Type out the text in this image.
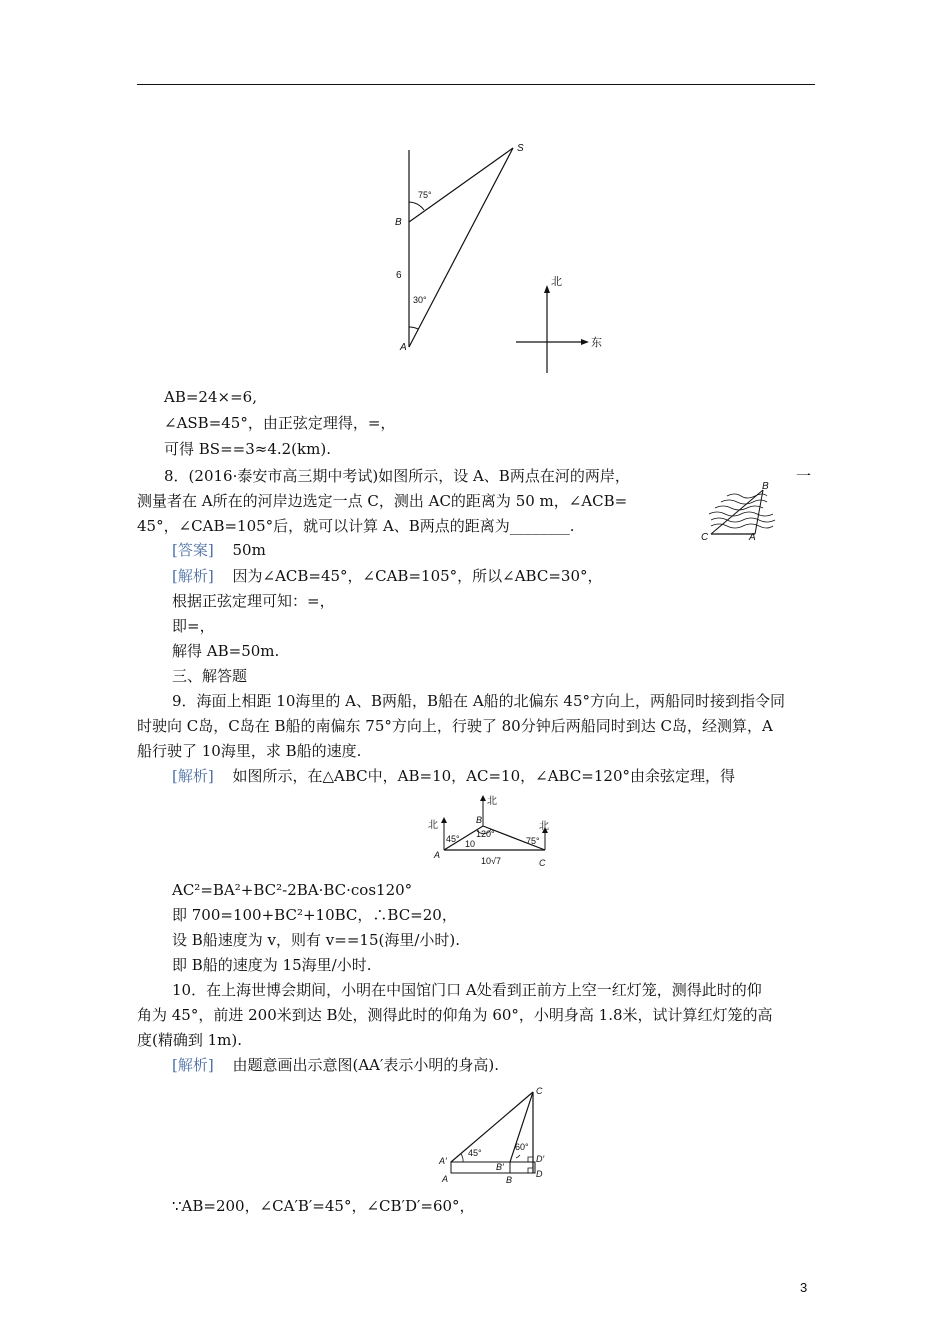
S
B
A
75°
6
30°
北
东
AB=24×=6,
∠ASB=45°，由正弦定理得，=，
可得 BS==3≈4.2(km).
8．(2016·泰安市高三期中考试)如图所示，设 A、B两点在河的两岸，	一
测量者在 A所在的河岸边选定一点 C，测出 AC的距离为 50 m，∠ACB=
45°，∠CAB=105°后，就可以计算 A、B两点的距离为________.
C	A
B
[答案] 50m
[解析] 因为∠ACB=45°，∠CAB=105°，所以∠ABC=30°，
根据正弦定理可知：=，
即=，
解得 AB=50m.
三、解答题
9．海面上相距 10海里的 A、B两船，B船在 A船的北偏东 45°方向上，两船同时接到指令同
时驶向 C岛，C岛在 B船的南偏东 75°方向上，行驶了 80分钟后两船同时到达 C岛，经测算，A
船行驶了 10海里，求 B船的速度.
[解析] 如图所示，在△ABC中，AB=10，AC=10，∠ABC=120°由余弦定理，得
北
北	北
B
A
C
45° 120°
75°
10
10√7
AC²=BA²+BC²-2BA·BC·cos120°
即 700=100+BC²+10BC，∴BC=20，
设 B船速度为 v，则有 v==15(海里/小时).
即 B船的速度为 15海里/小时.
10．在上海世博会期间，小明在中国馆门口 A处看到正前方上空一红灯笼，测得此时的仰
角为 45°，前进 200米到达 B处，测得此时的仰角为 60°，小明身高 1.8米，试计算红灯笼的高
度(精确到 1m).
[解析] 由题意画出示意图(AA′表示小明的身高).
C
A′
A
B′
B
D′
D
45°
60°
∵AB=200，∠CA′B′=45°，∠CB′D′=60°，
3
